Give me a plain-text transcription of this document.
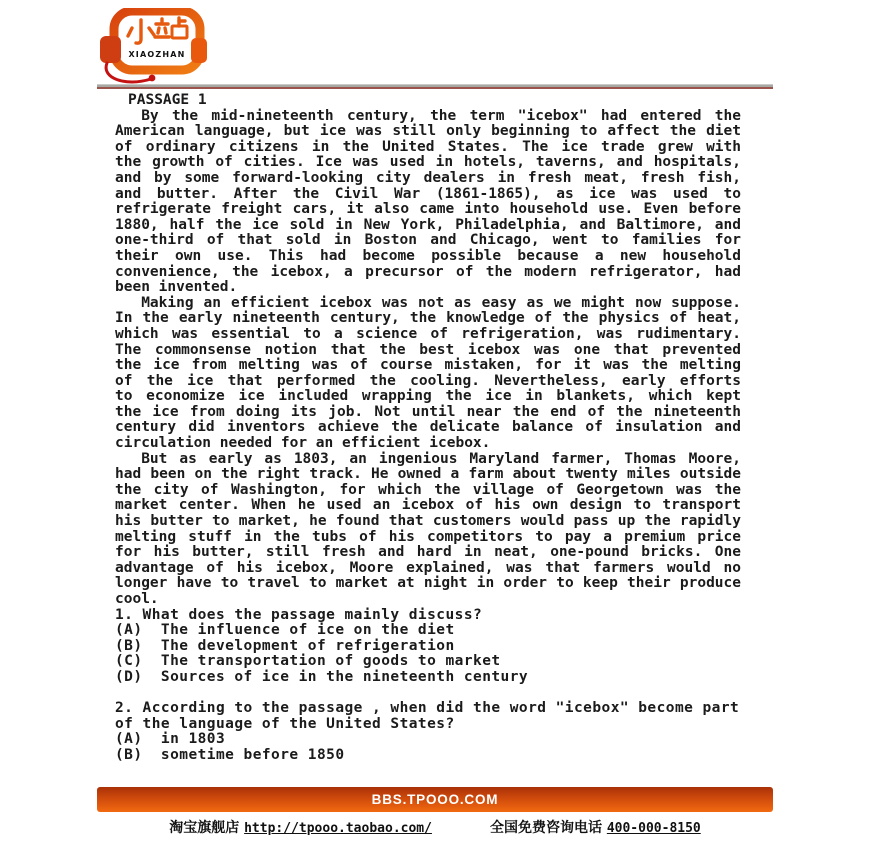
XIAOZHAN
PASSAGE 1
By the mid-nineteenth century, the term "icebox" had entered the
American language, but ice was still only beginning to affect the diet
of ordinary citizens in the United States. The ice trade grew with
the growth of cities. Ice was used in hotels, taverns, and hospitals,
and by some forward-looking city dealers in fresh meat, fresh fish,
and butter. After the Civil War (1861-1865), as ice was used to
refrigerate freight cars, it also came into household use. Even before
1880, half the ice sold in New York, Philadelphia, and Baltimore, and
one-third of that sold in Boston and Chicago, went to families for
their own use. This had become possible because a new household
convenience, the icebox, a precursor of the modern refrigerator, had
been invented.
Making an efficient icebox was not as easy as we might now suppose.
In the early nineteenth century, the knowledge of the physics of heat,
which was essential to a science of refrigeration, was rudimentary.
The commonsense notion that the best icebox was one that prevented
the ice from melting was of course mistaken, for it was the melting
of the ice that performed the cooling. Nevertheless, early efforts
to economize ice included wrapping the ice in blankets, which kept
the ice from doing its job. Not until near the end of the nineteenth
century did inventors achieve the delicate balance of insulation and
circulation needed for an efficient icebox.
But as early as 1803, an ingenious Maryland farmer, Thomas Moore,
had been on the right track. He owned a farm about twenty miles outside
the city of Washington, for which the village of Georgetown was the
market center. When he used an icebox of his own design to transport
his butter to market, he found that customers would pass up the rapidly
melting stuff in the tubs of his competitors to pay a premium price
for his butter, still fresh and hard in neat, one-pound bricks. One
advantage of his icebox, Moore explained, was that farmers would no
longer have to travel to market at night in order to keep their produce
cool.
1. What does the passage mainly discuss?
(A)  The influence of ice on the diet
(B)  The development of refrigeration
(C)  The transportation of goods to market
(D)  Sources of ice in the nineteenth century
2. According to the passage , when did the word "icebox" become part
of the language of the United States?
(A)  in 1803
(B)  sometime before 1850
BBS.TPOOO.COM
淘宝旗舰店 http://tpooo.taobao.com/	全国免费咨询电话 400-000-8150
